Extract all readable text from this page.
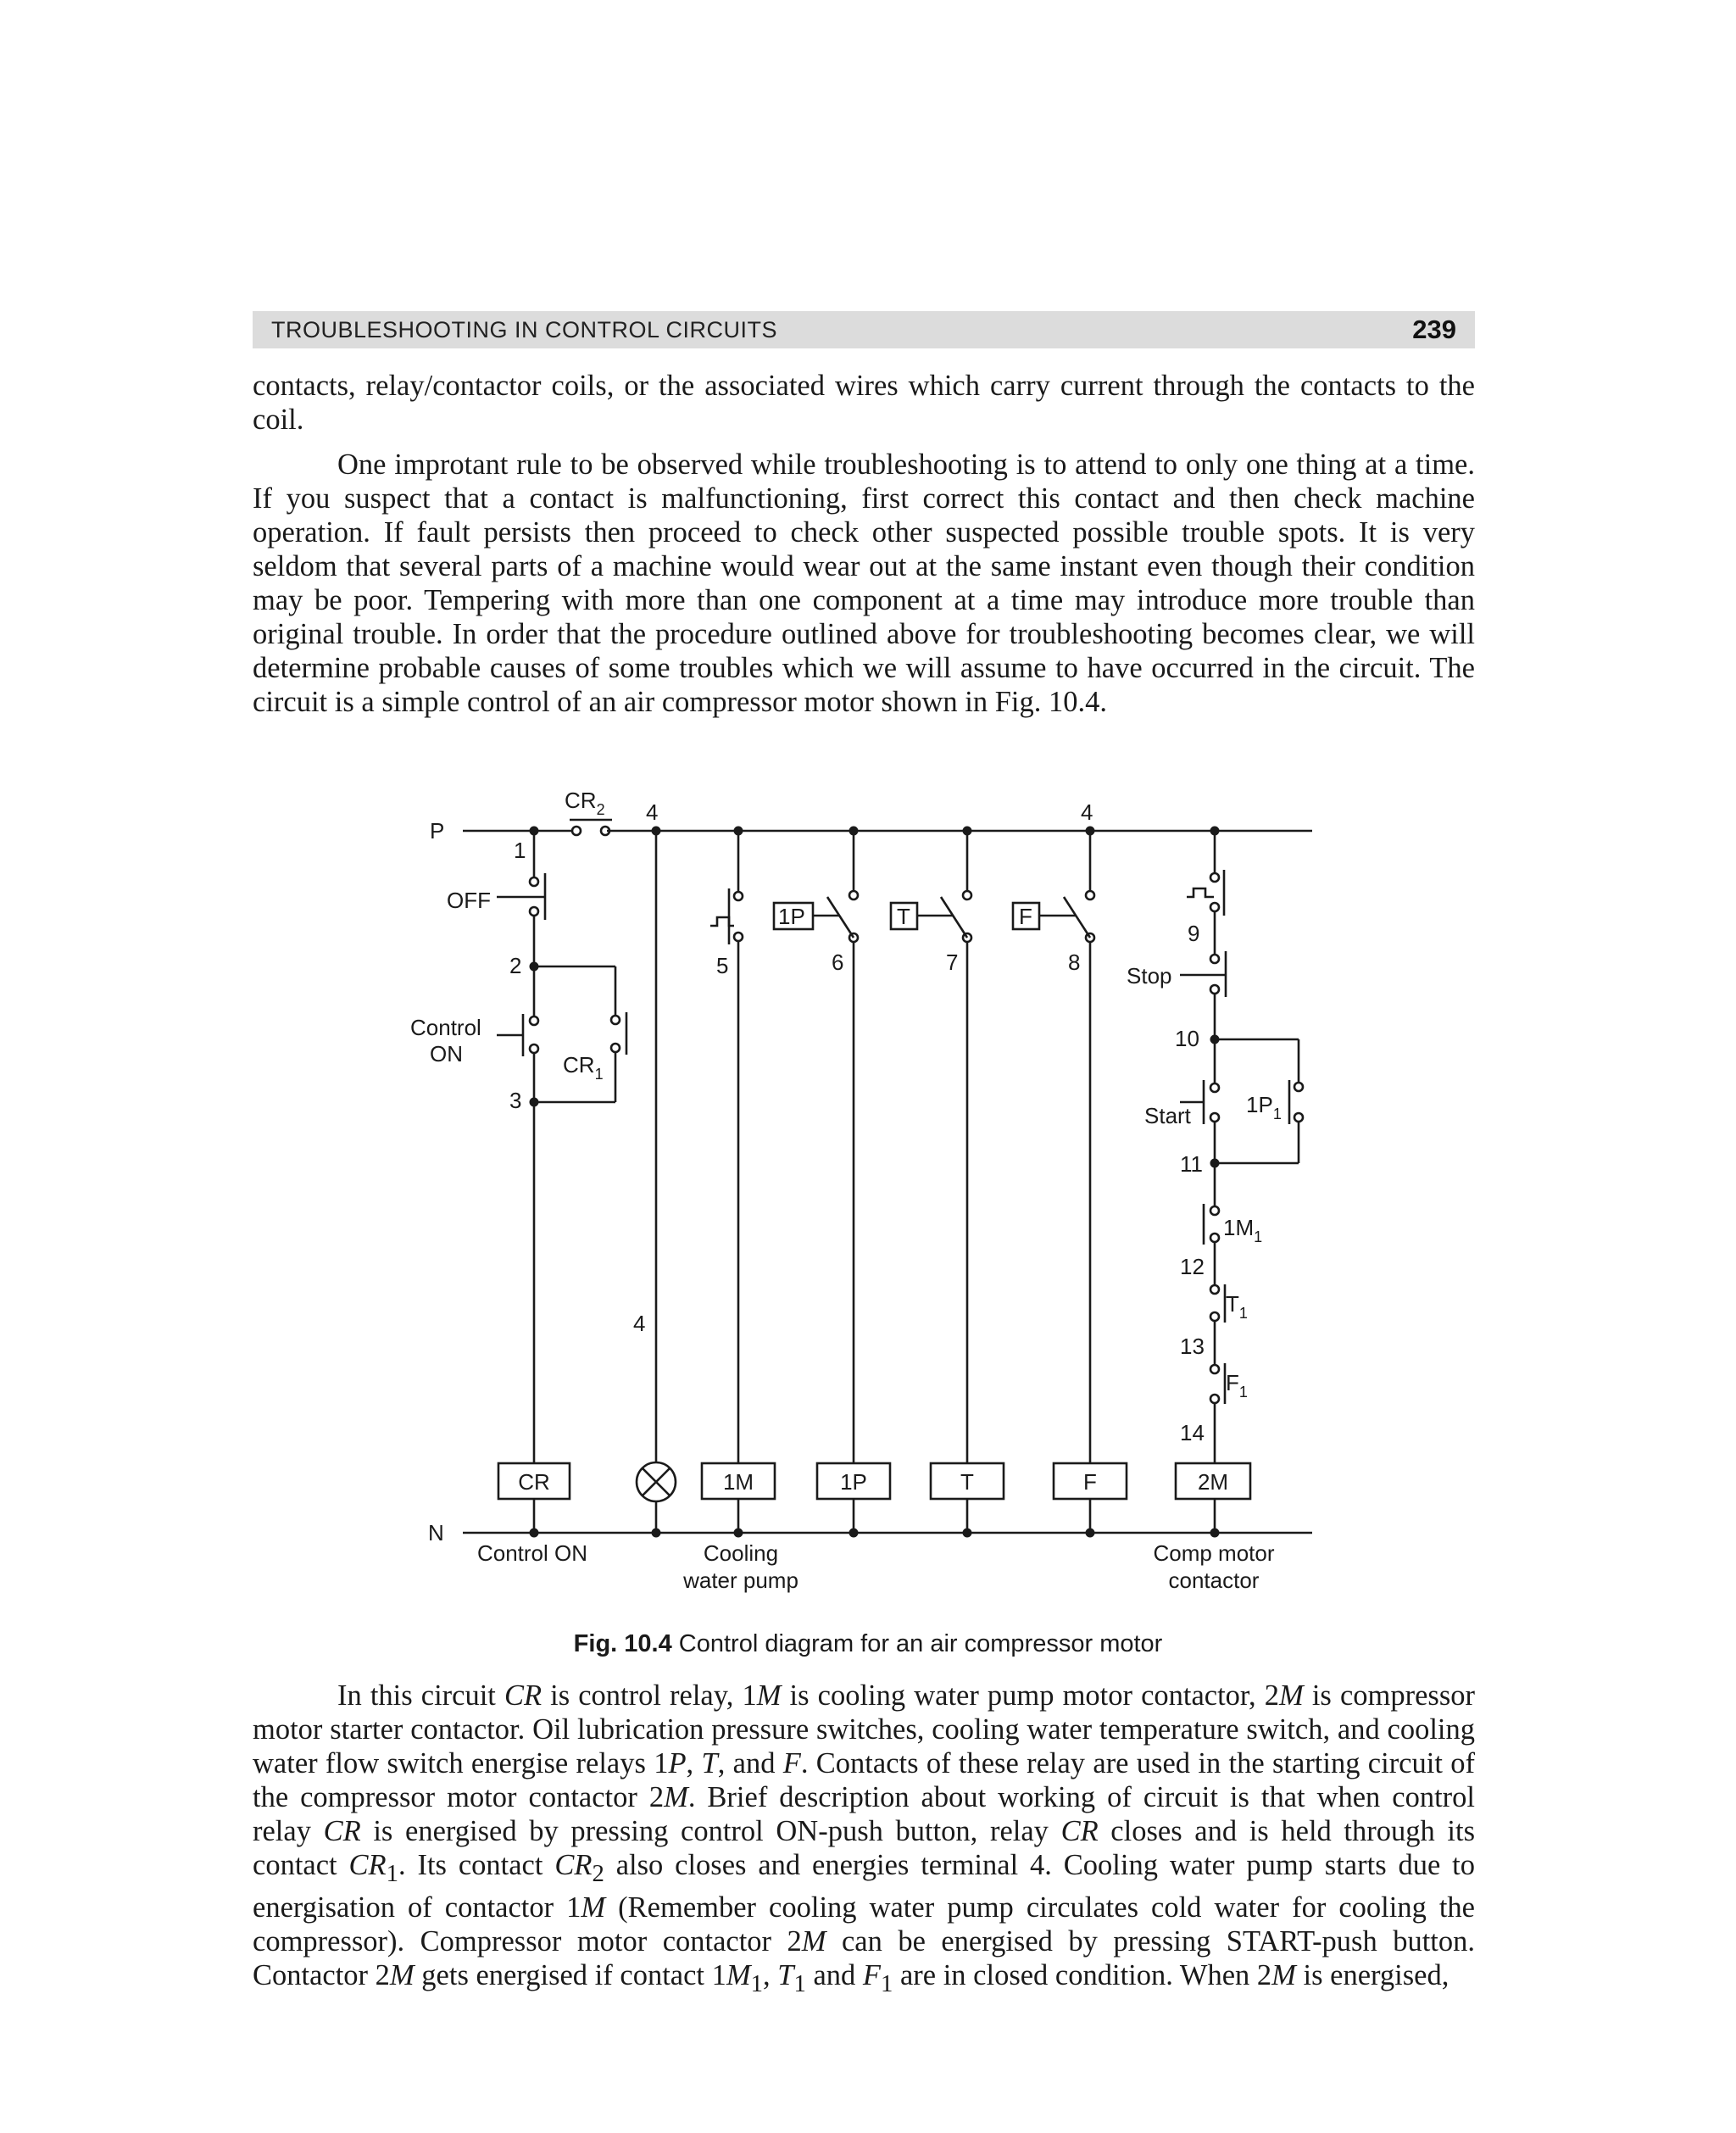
TROUBLESHOOTING IN CONTROL CIRCUITS	239

contacts, relay/contactor coils, or the associated wires which carry current through the contacts to the coil.

One improtant rule to be observed while troubleshooting is to attend to only one thing at a time. If you suspect that a contact is malfunctioning, first correct this contact and then check machine operation. If fault persists then proceed to check other suspected possible trouble spots. It is very seldom that several parts of a machine would wear out at the same instant even though their condition may be poor. Tempering with more than one component at a time may introduce more trouble than original trouble. In order that the procedure outlined above for troubleshooting becomes clear, we will determine probable causes of some troubles which we will assume to have occurred in the circuit. The circuit is a simple control of an air compressor motor shown in Fig. 10.4.

P
N
$CR_2$ 4	4
4
1
OFF
2
Control
ON	$CR_1$
3
1P	T	F
5	6	7	8
9
Stop
10
Start	$1P_1$
11
$1M_1$
12
$T_1$
13
$F_1$
14
CR	1M	1P	T	F	2M
Control ON	Cooling
water pump
Comp motor
contactor
Fig. 10.4 Control diagram for an air compressor motor

In this circuit CR is control relay, 1M is cooling water pump motor contactor, 2M is compressor motor starter contactor. Oil lubrication pressure switches, cooling water temperature switch, and cooling water flow switch energise relays 1P, T, and F. Contacts of these relay are used in the starting circuit of the compressor motor contactor 2M. Brief description about working of circuit is that when control relay CR is energised by pressing control ON-push button, relay CR closes and is held through its contact $CR_1$. Its contact $CR_2$ also closes and energies terminal 4. Cooling water pump starts due to energisation of contactor 1M (Remember cooling water pump circulates cold water for cooling the compressor). Compressor motor contactor 2M can be energised by pressing START-push button. Contactor 2M gets energised if contact $1M_1$, $T_1$ and $F_1$ are in closed condition. When 2M is energised,
